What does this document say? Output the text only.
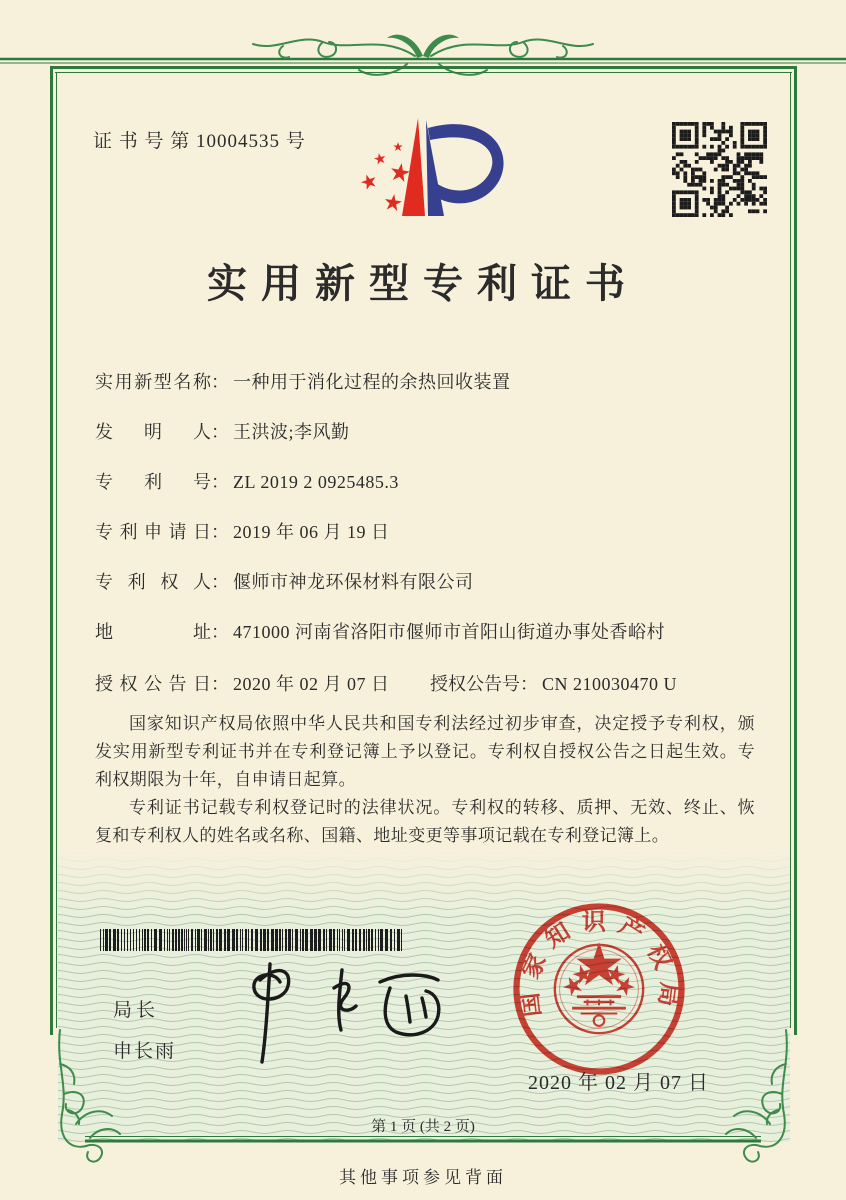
证 书 号 第 10004535 号
实用新型专利证书
实用新型名称 ： 一种用于消化过程的余热回收装置
发明人 ： 王洪波;李风勤
专利号 ： ZL 2019 2 0925485.3
专利申请日 ： 2019 年 06 月 19 日
专利权人 ： 偃师市神龙环保材料有限公司
地址 ： 471000 河南省洛阳市偃师市首阳山街道办事处香峪村
授权公告日 ： 2020 年 02 月 07 日 授权公告号 ： CN 210030470 U

国家知识产权局依照中华人民共和国专利法经过初步审查，决定授予专利权，颁发实用新型专利证书并在专利登记簿上予以登记。专利权自授权公告之日起生效。专利权期限为十年，自申请日起算。

专利证书记载专利权登记时的法律状况。专利权的转移、质押、无效、终止、恢复和专利权人的姓名或名称、国籍、地址变更等事项记载在专利登记簿上。

局长
申长雨
国家知识产权局
2020 年 02 月 07 日
第 1 页 (共 2 页)
其他事项参见背面
